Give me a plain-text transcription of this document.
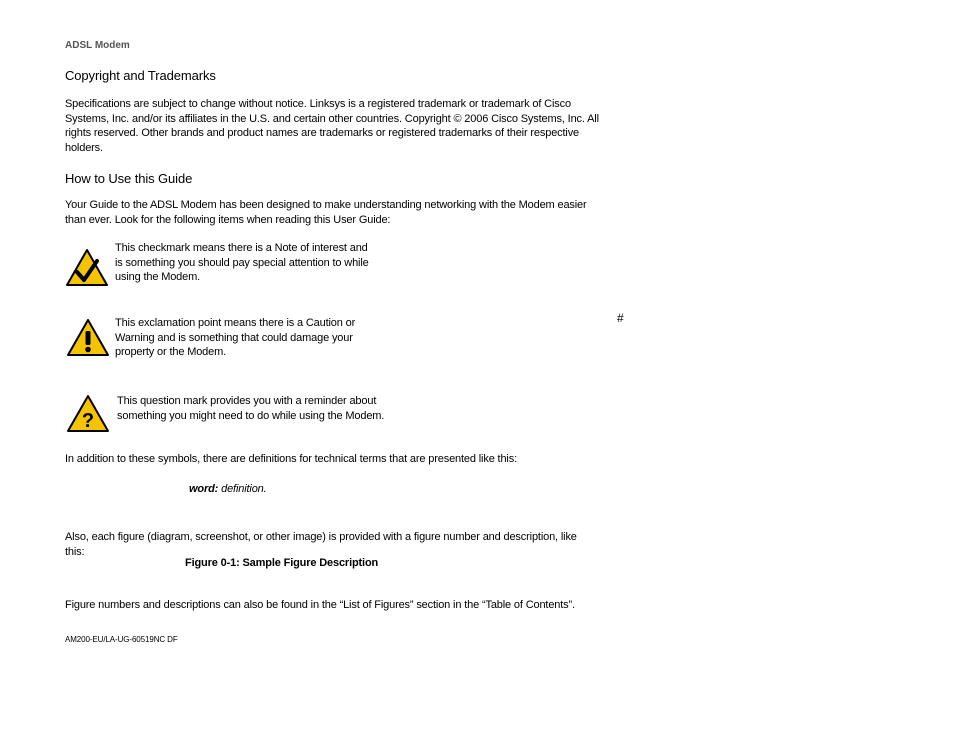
ADSL Modem
Copyright and Trademarks
Specifications are subject to change without notice. Linksys is a registered trademark or trademark of Cisco
Systems, Inc. and/or its affiliates in the U.S. and certain other countries. Copyright © 2006 Cisco Systems, Inc. All
rights reserved. Other brands and product names are trademarks or registered trademarks of their respective
holders.
How to Use this Guide
Your Guide to the ADSL Modem has been designed to make understanding networking with the Modem easier
than ever. Look for the following items when reading this User Guide:
This checkmark means there is a Note of interest and
is something you should pay special attention to while
using the Modem.
This exclamation point means there is a Caution or
Warning and is something that could damage your
property or the Modem.
?
This question mark provides you with a reminder about
something you might need to do while using the Modem.
In addition to these symbols, there are definitions for technical terms that are presented like this:
word: definition.
Also, each figure (diagram, screenshot, or other image) is provided with a figure number and description, like
this:
Figure 0-1: Sample Figure Description
Figure numbers and descriptions can also be found in the “List of Figures” section in the “Table of Contents”.
AM200-EU/LA-UG-60519NC DF
#
